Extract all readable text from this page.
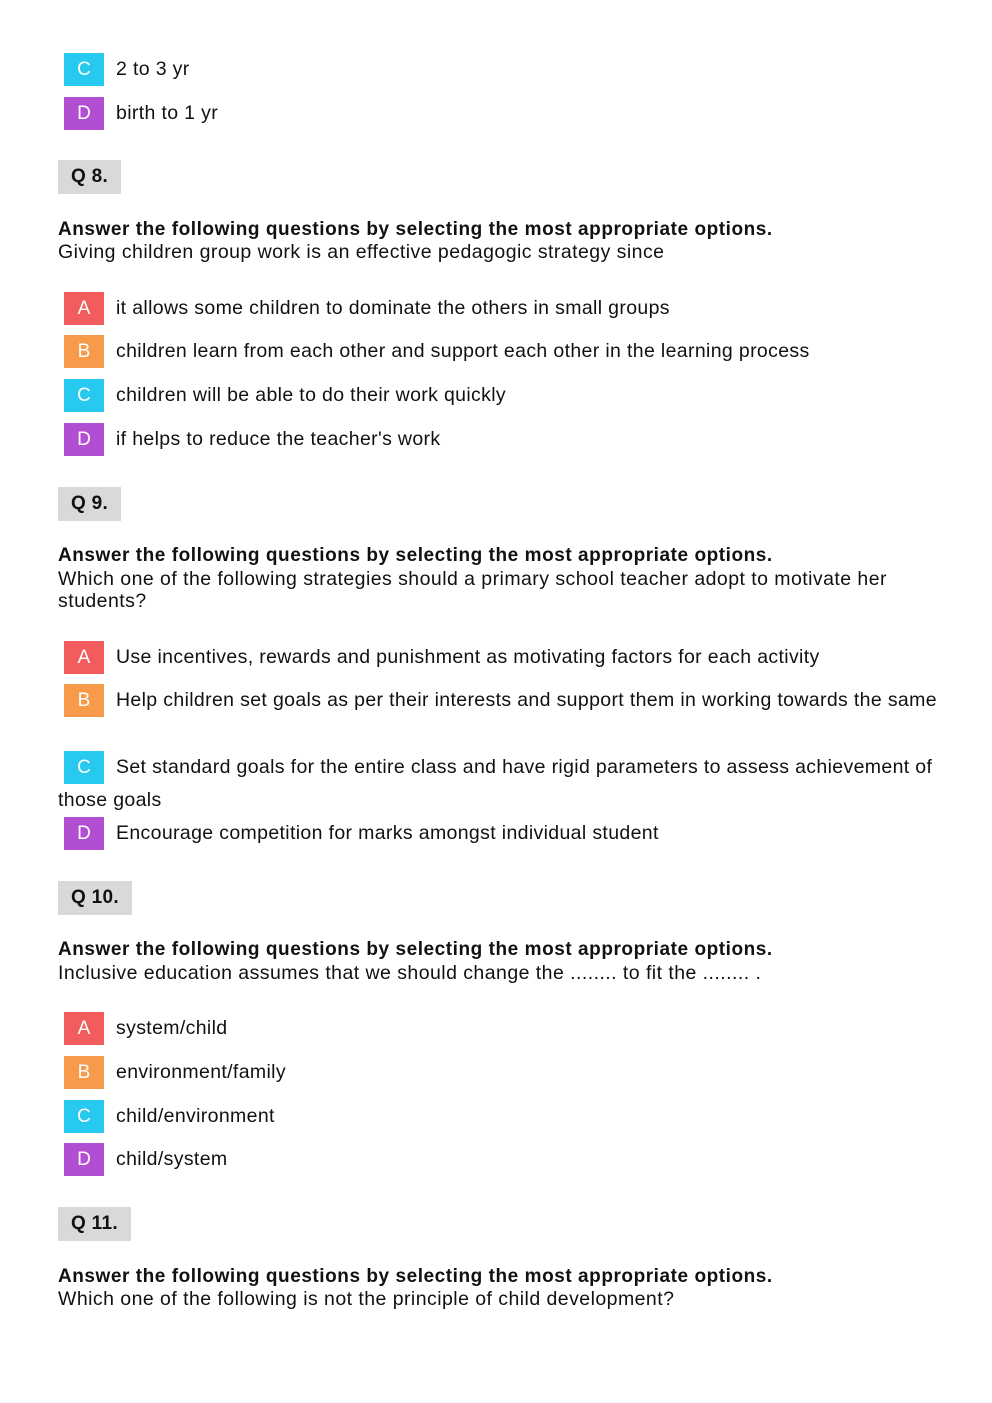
C 2 to 3 yr
D birth to 1 yr
Q 8.
Answer the following questions by selecting the most appropriate options.
Giving children group work is an effective pedagogic strategy since
A it allows some children to dominate the others in small groups
B children learn from each other and support each other in the learning process
C children will be able to do their work quickly
D if helps to reduce the teacher's work
Q 9.
Answer the following questions by selecting the most appropriate options.
Which one of the following strategies should a primary school teacher adopt to motivate her students?
A Use incentives, rewards and punishment as motivating factors for each activity
B Help children set goals as per their interests and support them in working towards the same
C Set standard goals for the entire class and have rigid parameters to assess achievement of those goals
D Encourage competition for marks amongst individual student
Q 10.
Answer the following questions by selecting the most appropriate options.
Inclusive education assumes that we should change the ........ to fit the ........ .
A system/child
B environment/family
C child/environment
D child/system
Q 11.
Answer the following questions by selecting the most appropriate options.
Which one of the following is not the principle of child development?
